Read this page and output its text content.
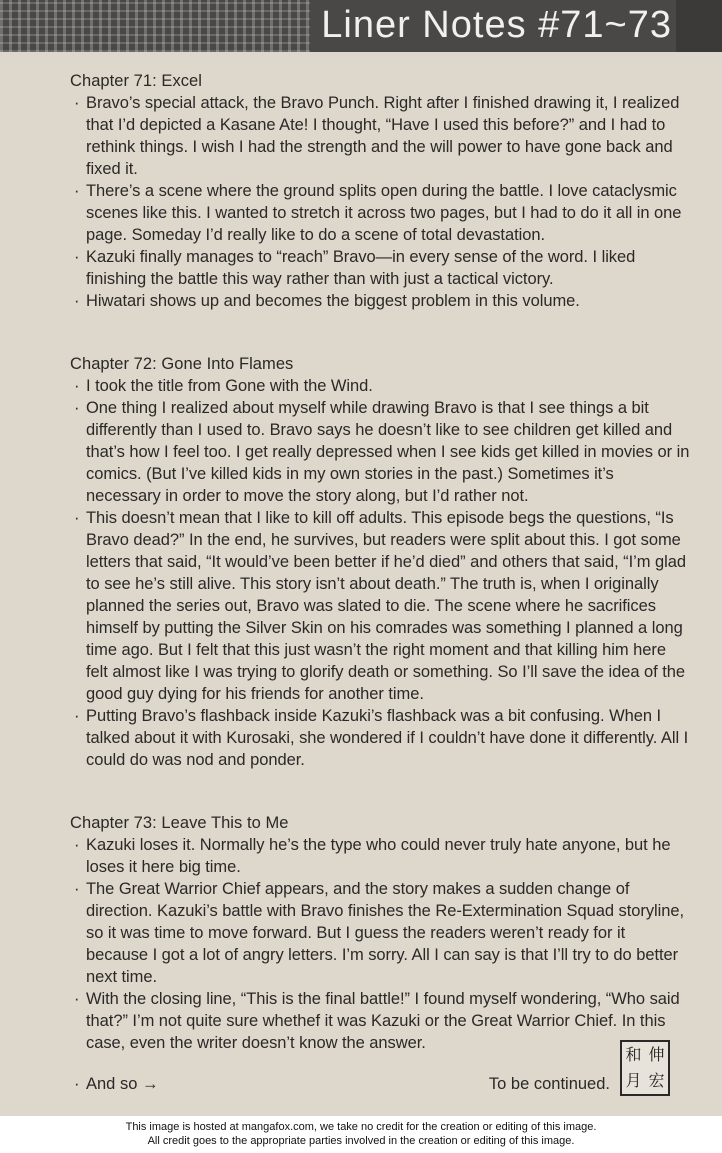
Liner Notes #71~73
Chapter 71: Excel
· Bravo’s special attack, the Bravo Punch. Right after I finished drawing it, I realized that I’d depicted a Kasane Ate! I thought, “Have I used this before?” and I had to rethink things. I wish I had the strength and the will power to have gone back and fixed it.
· There’s a scene where the ground splits open during the battle. I love cataclysmic scenes like this. I wanted to stretch it across two pages, but I had to do it all in one page. Someday I’d really like to do a scene of total devastation.
· Kazuki finally manages to “reach” Bravo—in every sense of the word. I liked finishing the battle this way rather than with just a tactical victory.
· Hiwatari shows up and becomes the biggest problem in this volume.
Chapter 72: Gone Into Flames
· I took the title from Gone with the Wind.
· One thing I realized about myself while drawing Bravo is that I see things a bit differently than I used to. Bravo says he doesn’t like to see children get killed and that’s how I feel too. I get really depressed when I see kids get killed in movies or in comics. (But I’ve killed kids in my own stories in the past.) Sometimes it’s necessary in order to move the story along, but I’d rather not.
· This doesn’t mean that I like to kill off adults. This episode begs the questions, “Is Bravo dead?” In the end, he survives, but readers were split about this. I got some letters that said, “It would’ve been better if he’d died” and others that said, “I’m glad to see he’s still alive. This story isn’t about death.” The truth is, when I originally planned the series out, Bravo was slated to die. The scene where he sacrifices himself by putting the Silver Skin on his comrades was something I planned a long time ago. But I felt that this just wasn’t the right moment and that killing him here felt almost like I was trying to glorify death or something. So I’ll save the idea of the good guy dying for his friends for another time.
· Putting Bravo’s flashback inside Kazuki’s flashback was a bit confusing. When I talked about it with Kurosaki, she wondered if I couldn’t have done it differently. All I could do was nod and ponder.
Chapter 73: Leave This to Me
· Kazuki loses it. Normally he’s the type who could never truly hate anyone, but he loses it here big time.
· The Great Warrior Chief appears, and the story makes a sudden change of direction. Kazuki’s battle with Bravo finishes the Re-Extermination Squad storyline, so it was time to move forward. But I guess the readers weren’t ready for it because I got a lot of angry letters. I’m sorry. All I can say is that I’ll try to do better next time.
· With the closing line, “This is the final battle!” I found myself wondering, “Who said that?” I’m not quite sure whethef it was Kazuki or the Great Warrior Chief. In this case, even the writer doesn’t know the answer.
· And so →	To be continued.
和 伸
月 宏
This image is hosted at mangafox.com, we take no credit for the creation or editing of this image.
All credit goes to the appropriate parties involved in the creation or editing of this image.
